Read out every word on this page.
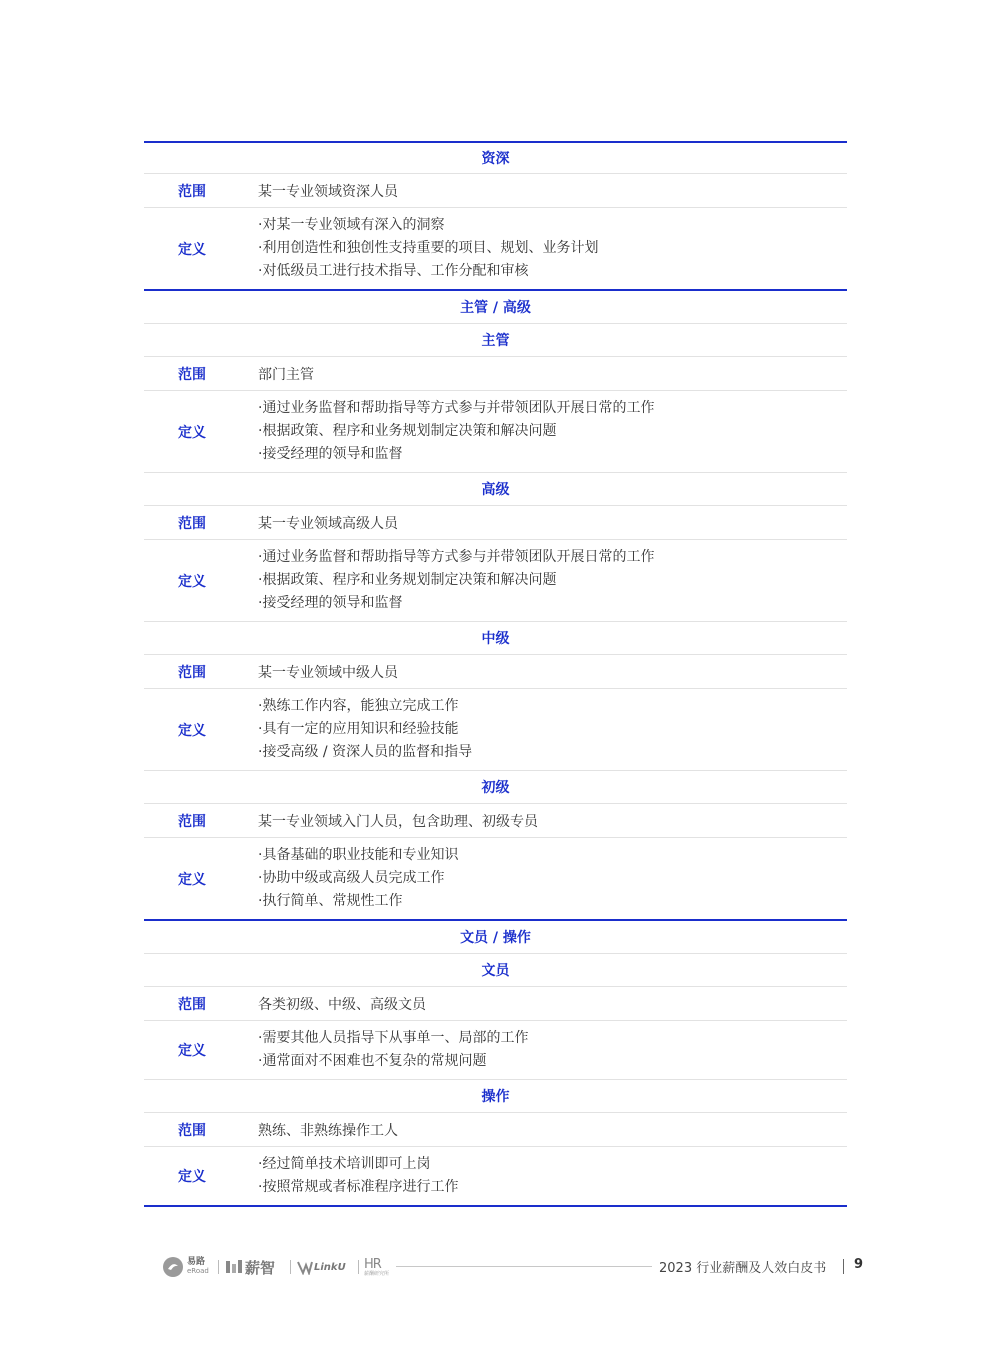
资深
范围	某一专业领域资深人员
定义
·对某一专业领域有深入的洞察
·利用创造性和独创性支持重要的项目、规划、业务计划
·对低级员工进行技术指导、工作分配和审核
主管 / 高级
主管
范围	部门主管
定义
·通过业务监督和帮助指导等方式参与并带领团队开展日常的工作
·根据政策、程序和业务规划制定决策和解决问题
·接受经理的领导和监督
高级
范围	某一专业领域高级人员
定义
·通过业务监督和帮助指导等方式参与并带领团队开展日常的工作
·根据政策、程序和业务规划制定决策和解决问题
·接受经理的领导和监督
中级
范围	某一专业领域中级人员
定义
·熟练工作内容，能独立完成工作
·具有一定的应用知识和经验技能
·接受高级 / 资深人员的监督和指导
初级
范围	某一专业领域入门人员，包含助理、初级专员
定义
·具备基础的职业技能和专业知识
·协助中级或高级人员完成工作
·执行简单、常规性工作
文员 / 操作
文员
范围	各类初级、中级、高级文员
定义
·需要其他人员指导下从事单一、局部的工作
·通常面对不困难也不复杂的常规问题
操作
范围	熟练、非熟练操作工人
定义
·经过简单技术培训即可上岗
·按照常规或者标准程序进行工作
易路
eRoad 薪智	LinkU HR
薪酬研究所	2023 行业薪酬及人效白皮书 9
